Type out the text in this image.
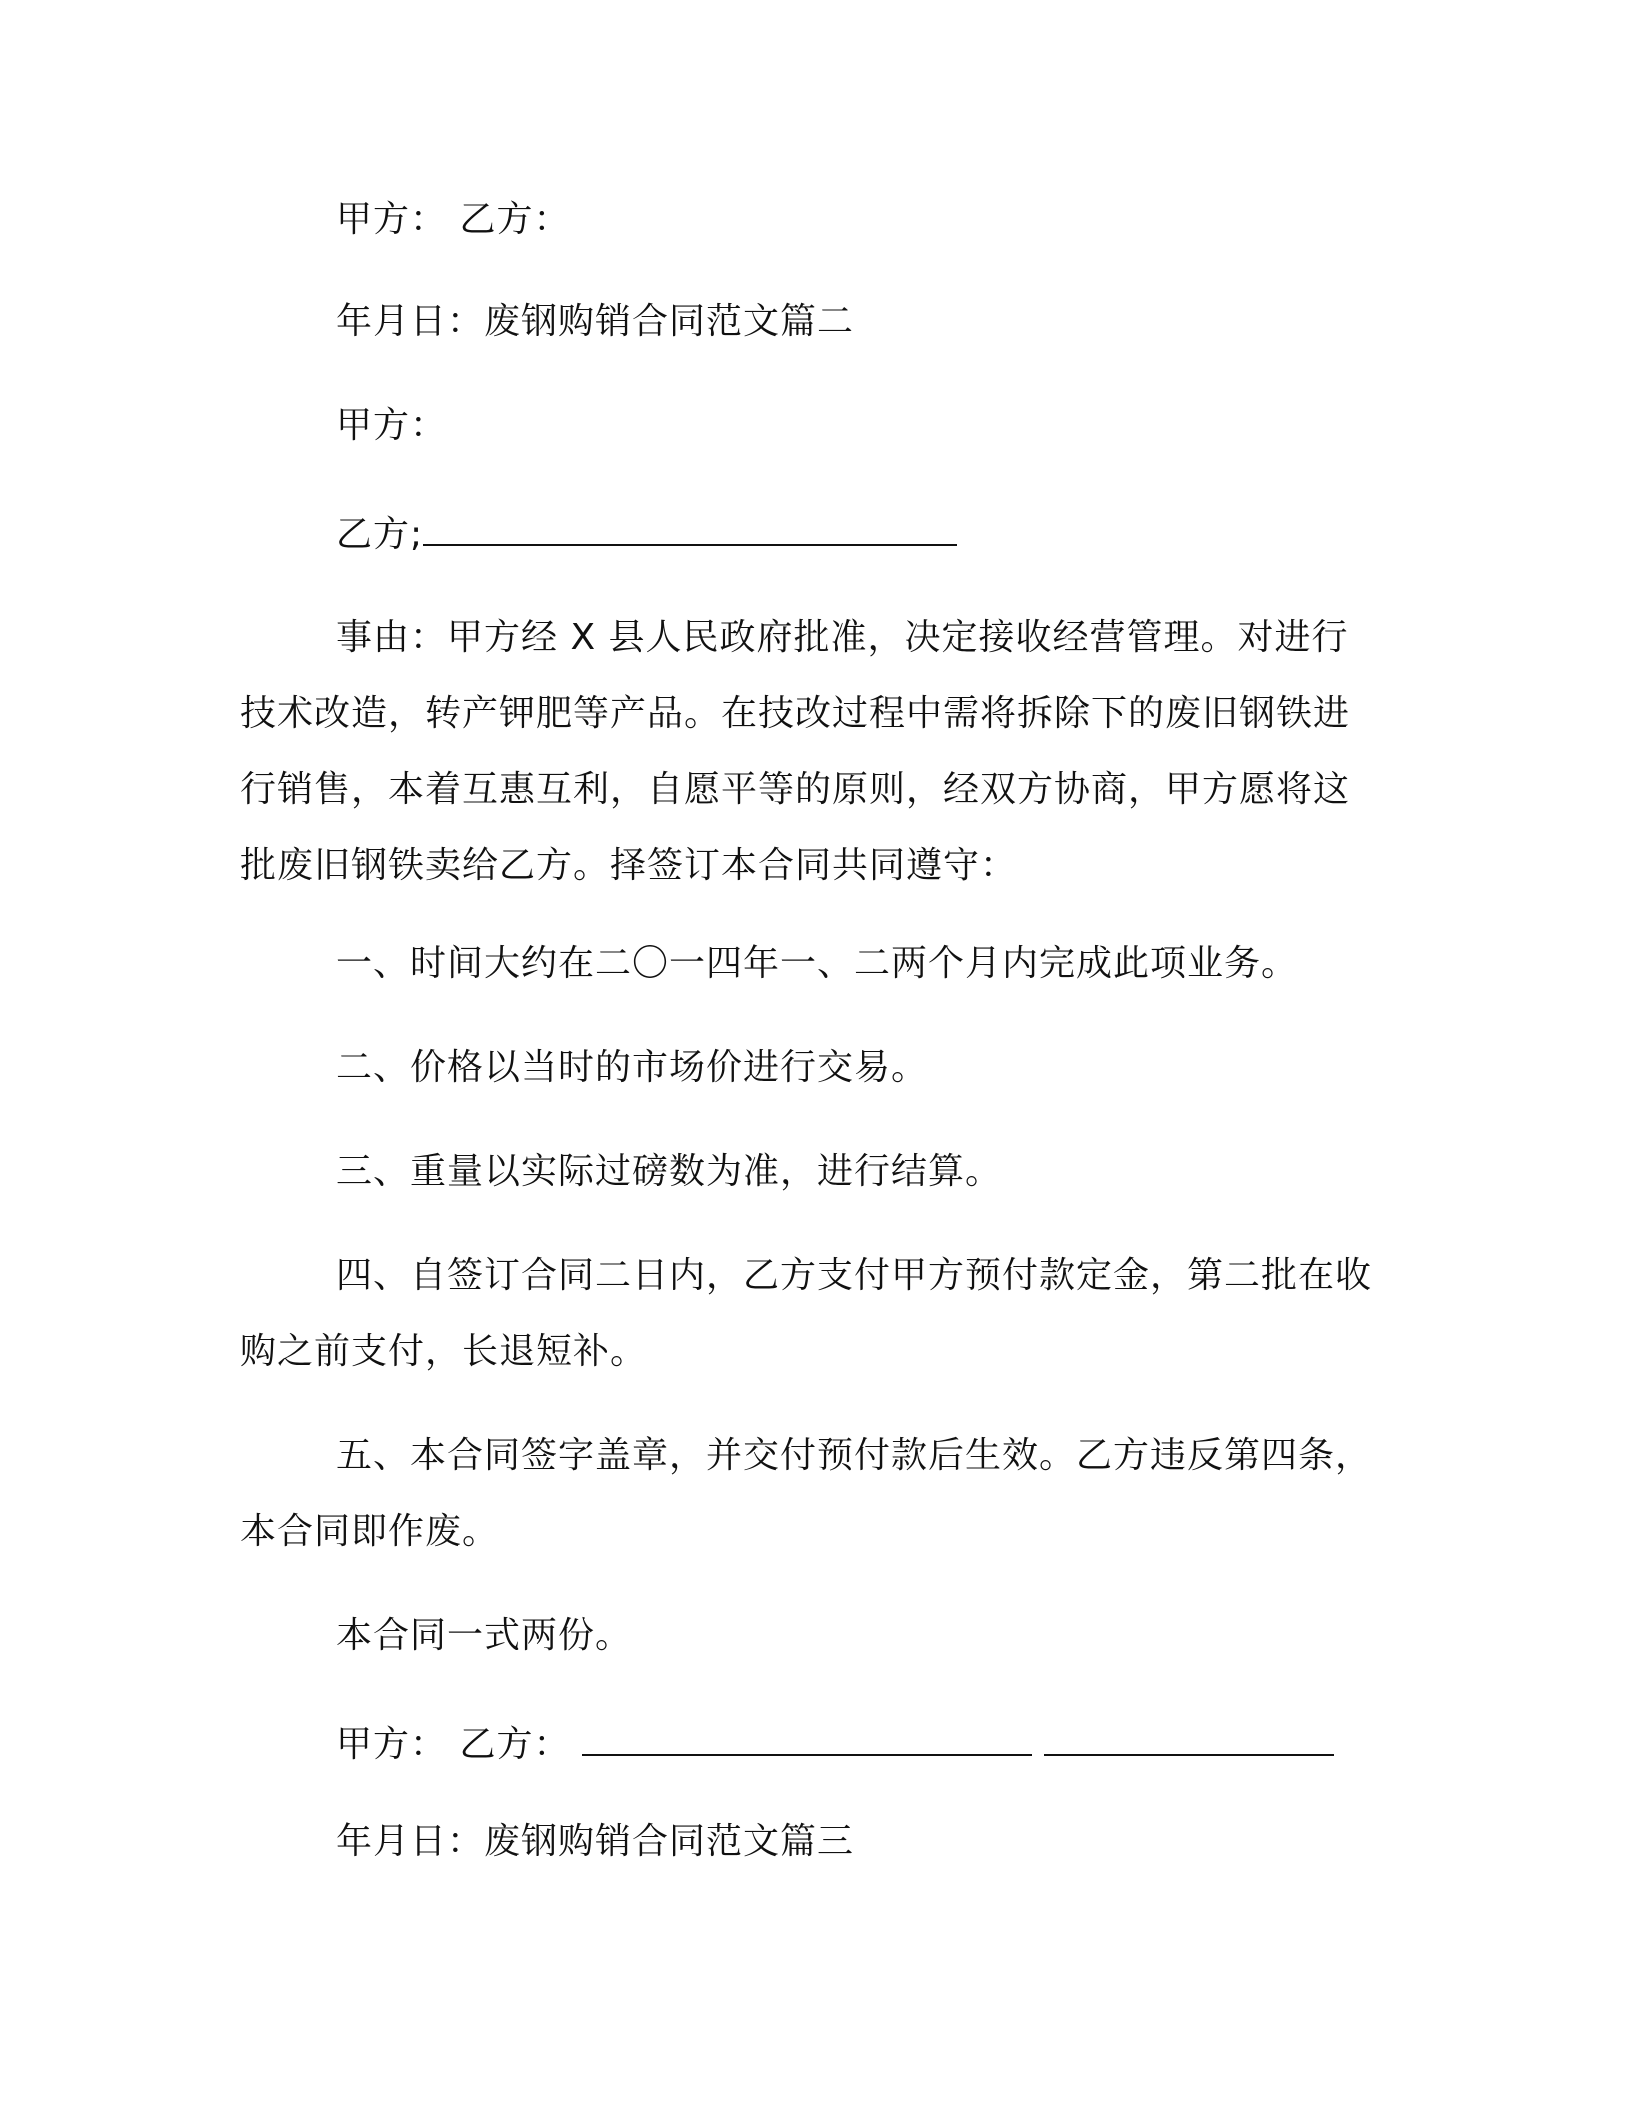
甲方： 乙方：
年月日：废钢购销合同范文篇二
甲方：
乙方;
事由：甲方经 X 县人民政府批准，决定接收经营管理。对进行技术改造，转产钾肥等产品。在技改过程中需将拆除下的废旧钢铁进行销售，本着互惠互利，自愿平等的原则，经双方协商，甲方愿将这批废旧钢铁卖给乙方。择签订本合同共同遵守：
一、时间大约在二〇一四年一、二两个月内完成此项业务。
二、价格以当时的市场价进行交易。
三、重量以实际过磅数为准，进行结算。
四、自签订合同二日内，乙方支付甲方预付款定金，第二批在收购之前支付，长退短补。
五、本合同签字盖章，并交付预付款后生效。乙方违反第四条，本合同即作废。
本合同一式两份。
甲方： 乙方：
年月日：废钢购销合同范文篇三
